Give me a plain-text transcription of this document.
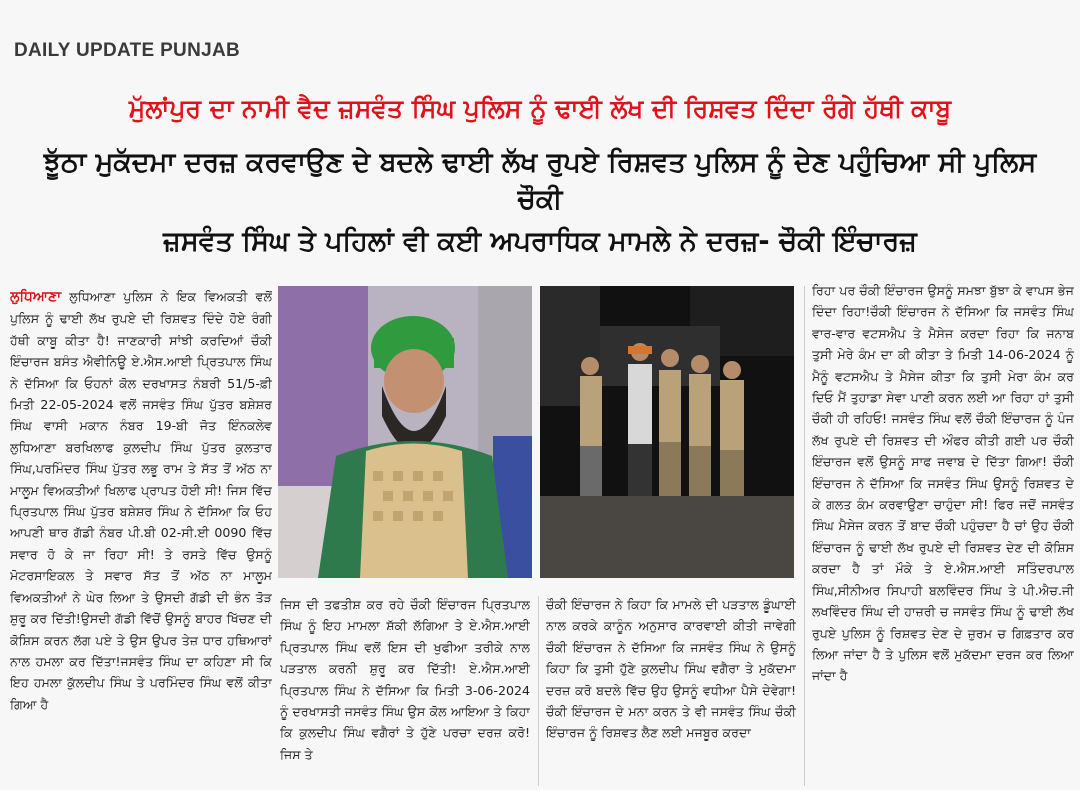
DAILY UPDATE PUNJAB
ਮੁੱਲਾਂਪੁਰ ਦਾ ਨਾਮੀ ਵੈਦ ਜ਼ਸਵੰਤ ਸਿੰਘ ਪੁਲਿਸ ਨੂੰ ਢਾਈ ਲੱਖ ਦੀ ਰਿਸ਼ਵਤ ਦਿੰਦਾ ਰੰਗੇ ਹੱਥੀ ਕਾਬੂ
ਝੂੱਠਾ ਮੁਕੱਦਮਾ ਦਰਜ਼ ਕਰਵਾਉਣ ਦੇ ਬਦਲੇ ਢਾਈ ਲੱਖ ਰੁਪਏ ਰਿਸ਼ਵਤ ਪੁਲਿਸ ਨੂੰ ਦੇਣ ਪਹੁੰਚਿਆ ਸੀ ਪੁਲਿਸ ਚੌਕੀ
ਜ਼ਸਵੰਤ ਸਿੰਘ ਤੇ ਪਹਿਲਾਂ ਵੀ ਕਈ ਅਪਰਾਧਿਕ ਮਾਮਲੇ ਨੇ ਦਰਜ਼- ਚੌਕੀ ਇੰਚਾਰਜ਼
ਲੁਧਿਆਣਾ ਲੁਧਿਆਣਾ ਪੁਲਿਸ ਨੇ ਇਕ ਵਿਅਕਤੀ ਵਲੋਂ ਪੁਲਿਸ ਨੂੰ ਢਾਈ ਲੱਖ ਰੁਪਏ ਦੀ ਰਿਸ਼ਵਤ ਦਿੰਦੇ ਹੋਏ ਰੰਗੀ ਹੱਥੀ ਕਾਬੂ ਕੀਤਾ ਹੈ! ਜਾਣਕਾਰੀ ਸਾਂਝੀ ਕਰਦਿਆਂ ਚੌਕੀ ਇੰਚਾਰਜ ਬਸੰਤ ਐਵੀਨਿਊ ਏ.ਐਸ.ਆਈ ਪ੍ਰਿਤਪਾਲ ਸਿੰਘ ਨੇ ਦੱਸਿਆ ਕਿ ਓਹਨਾਂ ਕੋਲ ਦਰਖਾਸਤ ਨੰਬਰੀ 51/5-ਫ਼ੀ ਮਿਤੀ 22-05-2024 ਵਲੋਂ ਜਸਵੰਤ ਸਿੰਘ ਪੁੱਤਰ ਬਸ਼ੇਸ਼ਰ ਸਿੰਘ ਵਾਸੀ ਮਕਾਨ ਨੰਬਰ 19-ਬੀ ਜੋਤ ਇੰਨਕਲੇਵ ਲੁਧਿਆਣਾ ਬਰਖਿਲਾਫ ਕੁਲਦੀਪ ਸਿੰਘ ਪੁੱਤਰ ਕੁਲਤਾਰ ਸਿੰਘ,ਪਰਮਿੰਦਰ ਸਿੰਘ ਪੁੱਤਰ ਲਭੂ ਰਾਮ ਤੇ ਸੱਤ ਤੋਂ ਅੱਠ ਨਾ ਮਾਲੂਮ ਵਿਅਕਤੀਆਂ ਖਿਲਾਫ ਪ੍ਰਾਪਤ ਹੋਈ ਸੀ! ਜਿਸ ਵਿੱਚ ਪ੍ਰਿਤਪਾਲ ਸਿੰਘ ਪੁੱਤਰ ਬਸ਼ੇਸ਼ਰ ਸਿੰਘ ਨੇ ਦੱਸਿਆ ਕਿ ਓਹ ਆਪਣੀ ਥਾਰ ਗੱਡੀ ਨੰਬਰ ਪੀ.ਬੀ 02-ਸੀ.ਈ 0090 ਵਿੱਚ ਸਵਾਰ ਹੋ ਕੇ ਜਾ ਰਿਹਾ ਸੀ! ਤੇ ਰਸਤੇ ਵਿੱਚ ਉਸਨੂੰ ਮੋਟਰਸਾਇਕਲ ਤੇ ਸਵਾਰ ਸੱਤ ਤੋਂ ਅੱਠ ਨਾ ਮਾਲੂਮ ਵਿਅਕਤੀਆਂ ਨੇ ਘੇਰ ਲਿਆ ਤੇ ਉਸਦੀ ਗੱਡੀ ਦੀ ਭੰਨ ਤੋੜ ਸ਼ੁਰੂ ਕਰ ਦਿੱਤੀ!ਉਸਦੀ ਗੱਡੀ ਵਿੱਚੋਂ ਉਸਨੂੰ ਬਾਹਰ ਖਿੱਚਣ ਦੀ ਕੋਸ਼ਿਸ ਕਰਨ ਲੱਗ ਪਏ ਤੇ ਉਸ ਉਪਰ ਤੇਜ਼ ਧਾਰ ਹਥਿਆਰਾਂ ਨਾਲ ਹਮਲਾ ਕਰ ਦਿੱਤਾ!ਜਸਵੰਤ ਸਿੰਘ ਦਾ ਕਹਿਣਾ ਸੀ ਕਿ ਇਹ ਹਮਲਾ ਕੁੱਲਦੀਪ ਸਿੰਘ ਤੇ ਪਰਮਿੰਦਰ ਸਿੰਘ ਵਲੋਂ ਕੀਤਾ ਗਿਆ ਹੈ
ਜਿਸ ਦੀ ਤਫਤੀਸ਼ ਕਰ ਰਹੇ ਚੌਕੀ ਇੰਚਾਰਜ ਪ੍ਰਿਤਪਾਲ ਸਿੰਘ ਨੂੰ ਇਹ ਮਾਮਲਾ ਸ਼ੱਕੀ ਲੱਗਿਆ ਤੇ ਏ.ਐਸ.ਆਈ ਪ੍ਰਿਤਪਾਲ ਸਿੰਘ ਵਲੋਂ ਇਸ ਦੀ ਖੁਫੀਆ ਤਰੀਕੇ ਨਾਲ ਪੜਤਾਲ ਕਰਨੀ ਸ਼ੁਰੂ ਕਰ ਦਿੱਤੀ! ਏ.ਐਸ.ਆਈ ਪ੍ਰਿਤਪਾਲ ਸਿੰਘ ਨੇ ਦੱਸਿਆ ਕਿ ਮਿਤੀ 3-06-2024 ਨੂੰ ਦਰਖਾਸਤੀ ਜਸਵੰਤ ਸਿੰਘ ਉਸ ਕੋਲ ਆਇਆ ਤੇ ਕਿਹਾ ਕਿ ਕੁਲਦੀਪ ਸਿੰਘ ਵਗੈਰਾਂ ਤੇ ਹੁੱਣੇ ਪਰਚਾ ਦਰਜ਼ ਕਰੋ!ਜਿਸ ਤੇ
ਚੌਕੀ ਇੰਚਾਰਜ ਨੇ ਕਿਹਾ ਕਿ ਮਾਮਲੇ ਦੀ ਪੜਤਾਲ ਡੂੰਘਾਈ ਨਾਲ ਕਰਕੇ ਕਾਨੂੰਨ ਅਨੁਸਾਰ ਕਾਰਵਾਈ ਕੀਤੀ ਜਾਵੇਗੀ ਚੌਕੀ ਇੰਚਾਰਜ ਨੇ ਦੱਸਿਆ ਕਿ ਜਸਵੰਤ ਸਿੰਘ ਨੇ ਉਸਨੂੰ ਕਿਹਾ ਕਿ ਤੁਸੀ ਹੁੱਣੇ ਕੁਲਦੀਪ ਸਿੰਘ ਵਗੈਰਾ ਤੇ ਮੁਕੱਦਮਾ ਦਰਜ਼ ਕਰੋ ਬਦਲੇ ਵਿੱਚ ਉਹ ਉਸਨੂੰ ਵਧੀਆ ਪੈਸੇ ਦੇਵੇਗਾ!ਚੌਕੀ ਇੰਚਾਰਜ ਦੇ ਮਨਾ ਕਰਨ ਤੇ ਵੀ ਜਸਵੰਤ ਸਿੰਘ ਚੌਕੀ ਇੰਚਾਰਜ ਨੂੰ ਰਿਸ਼ਵਤ ਲੈਣ ਲਈ ਮਜਬੂਰ ਕਰਦਾ
ਰਿਹਾ ਪਰ ਚੌਕੀ ਇੰਚਾਰਜ ਉਸਨੂੰ ਸਮਝਾ ਬੁੱਝਾ ਕੇ ਵਾਪਸ ਭੇਜ ਦਿੰਦਾ ਰਿਹਾ!ਚੌਕੀ ਇੰਚਾਰਜ ਨੇ ਦੱਸਿਆ ਕਿ ਜਸਵੰਤ ਸਿੰਘ ਵਾਰ-ਵਾਰ ਵਟਸਐਪ ਤੇ ਮੈਸੇਜ ਕਰਦਾ ਰਿਹਾ ਕਿ ਜਨਾਬ ਤੁਸੀ ਮੇਰੇ ਕੰਮ ਦਾ ਕੀ ਕੀਤਾ ਤੇ ਮਿਤੀ 14-06-2024 ਨੂੰ ਮੈਨੂੰ ਵਟਸਐਪ ਤੇ ਮੈਸੇਜ ਕੀਤਾ ਕਿ ਤੁਸੀ ਮੇਰਾ ਕੰਮ ਕਰ ਦਿਓ ਮੈਂ ਤੁਹਾਡਾ ਸੇਵਾ ਪਾਣੀ ਕਰਨ ਲਈ ਆ ਰਿਹਾ ਹਾਂ ਤੁਸੀ ਚੌਕੀ ਹੀ ਰਹਿਓ! ਜਸਵੰਤ ਸਿੰਘ ਵਲੋਂ ਚੌਕੀ ਇੰਚਾਰਜ ਨੂੰ ਪੰਜ ਲੱਖ ਰੁਪਏ ਦੀ ਰਿਸ਼ਵਤ ਦੀ ਔਫਰ ਕੀਤੀ ਗਈ ਪਰ ਚੌਕੀ ਇੰਚਾਰਜ ਵਲੋਂ ਉਸਨੂੰ ਸਾਫ ਜਵਾਬ ਦੇ ਦਿੱਤਾ ਗਿਆ! ਚੌਕੀ ਇੰਚਾਰਜ ਨੇ ਦੱਸਿਆ ਕਿ ਜਸਵੰਤ ਸਿੰਘ ਉਸਨੂੰ ਰਿਸ਼ਵਤ ਦੇ ਕੇ ਗਲਤ ਕੰਮ ਕਰਵਾਉਣਾ ਚਾਹੁੰਦਾ ਸੀ! ਫਿਰ ਜਦੋਂ ਜਸਵੰਤ ਸਿੰਘ ਮੈਸੇਜ ਕਰਨ ਤੋਂ ਬਾਦ ਚੌਕੀ ਪਹੁੰਚਦਾ ਹੈ ਚਾਂ ਉਹ ਚੌਕੀ ਇੰਚਾਰਜ ਨੂੰ ਢਾਈ ਲੱਖ ਰੁਪਏ ਦੀ ਰਿਸ਼ਵਤ ਦੇਣ ਦੀ ਕੋਸ਼ਿਸ ਕਰਦਾ ਹੈ ਤਾਂ ਮੌਕੇ ਤੇ ਏ.ਐਸ.ਆਈ ਸਤਿੰਦਰਪਾਲ ਸਿੰਘ,ਸੀਨੀਅਰ ਸਿਪਾਹੀ ਬਲਵਿੰਦਰ ਸਿੰਘ ਤੇ ਪੀ.ਐਚ.ਜੀ ਲਖਵਿੰਦਰ ਸਿੰਘ ਦੀ ਹਾਜ਼ਰੀ ਚ ਜਸਵੰਤ ਸਿੰਘ ਨੂੰ ਢਾਈ ਲੱਖ ਰੁਪਏ ਪੁਲਿਸ ਨੂੰ ਰਿਸ਼ਵਤ ਦੇਣ ਦੇ ਜ਼ੁਰਮ ਚ ਗਿਫ਼ਤਾਰ ਕਰ ਲਿਆ ਜਾਂਦਾ ਹੈ ਤੇ ਪੁਲਿਸ ਵਲੋਂ ਮੁਕੱਦਮਾ ਦਰਜ ਕਰ ਲਿਆ ਜਾਂਦਾ ਹੈ
